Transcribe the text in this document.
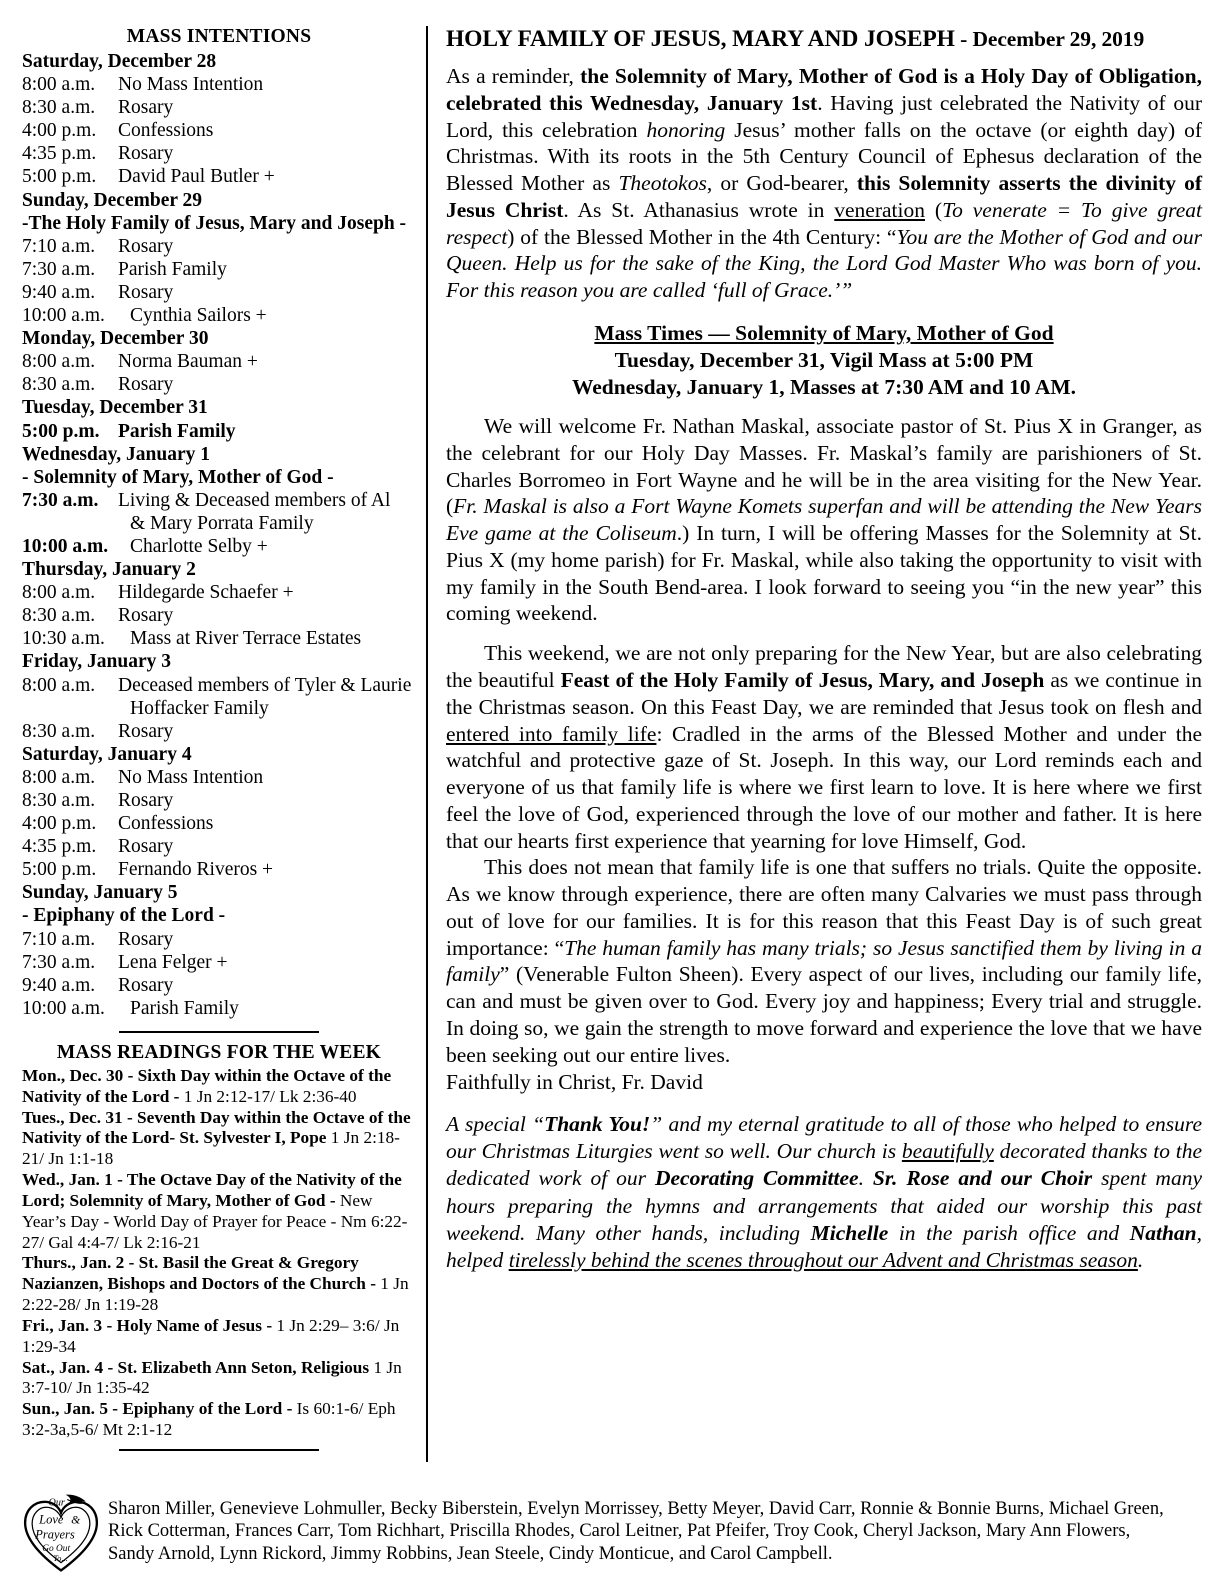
MASS INTENTIONS
Saturday, December 28
8:00 a.m.	No Mass Intention
8:30 a.m.	Rosary
4:00 p.m.	Confessions
4:35 p.m.	Rosary
5:00 p.m.	David Paul Butler +
Sunday, December 29
-The Holy Family of Jesus, Mary and Joseph -
7:10 a.m.	Rosary
7:30 a.m.	Parish Family
9:40 a.m.	Rosary
10:00 a.m.	Cynthia Sailors +
Monday, December 30
8:00 a.m.	Norma Bauman +
8:30 a.m.	Rosary
Tuesday, December 31
5:00 p.m. Parish Family
Wednesday, January 1
- Solemnity of Mary, Mother of God -
7:30 a.m.	Living & Deceased members of Al
& Mary Porrata Family
10:00 a.m.	Charlotte Selby +
Thursday, January 2
8:00 a.m.	Hildegarde Schaefer +
8:30 a.m.	Rosary
10:30 a.m.	Mass at River Terrace Estates
Friday, January 3
8:00 a.m.	Deceased members of Tyler & Laurie
Hoffacker Family
8:30 a.m.	Rosary
Saturday, January 4
8:00 a.m.	No Mass Intention
8:30 a.m.	Rosary
4:00 p.m.	Confessions
4:35 p.m.	Rosary
5:00 p.m.	Fernando Riveros +
Sunday, January 5
- Epiphany of the Lord -
7:10 a.m.	Rosary
7:30 a.m.	Lena Felger +
9:40 a.m.	Rosary
10:00 a.m.	Parish Family
MASS READINGS FOR THE WEEK

Mon., Dec. 30 - Sixth Day within the Octave of the Nativity of the Lord - 1 Jn 2:12-17/ Lk 2:36-40

Tues., Dec. 31 - Seventh Day within the Octave of the Nativity of the Lord- St. Sylvester I, Pope 1 Jn 2:18-21/ Jn 1:1-18

Wed., Jan. 1 - The Octave Day of the Nativity of the Lord; Solemnity of Mary, Mother of God - New Year’s Day - World Day of Prayer for Peace - Nm 6:22-27/ Gal 4:4-7/ Lk 2:16-21

Thurs., Jan. 2 - St. Basil the Great & Gregory Nazianzen, Bishops and Doctors of the Church - 1 Jn 2:22-28/ Jn 1:19-28

Fri., Jan. 3 - Holy Name of Jesus - 1 Jn 2:29– 3:6/ Jn 1:29-34

Sat., Jan. 4 - St. Elizabeth Ann Seton, Religious 1 Jn 3:7-10/ Jn 1:35-42

Sun., Jan. 5 - Epiphany of the Lord - Is 60:1-6/ Eph 3:2-3a,5-6/ Mt 2:1-12

HOLY FAMILY OF JESUS, MARY AND JOSEPH - December 29, 2019

As a reminder, the Solemnity of Mary, Mother of God is a Holy Day of Obligation, celebrated this Wednesday, January 1st. Having just celebrated the Nativity of our Lord, this celebration honoring Jesus’ mother falls on the octave (or eighth day) of Christmas. With its roots in the 5th Century Council of Ephesus declaration of the Blessed Mother as Theotokos, or God-bearer, this Solemnity asserts the divinity of Jesus Christ. As St. Athanasius wrote in veneration (To venerate = To give great respect) of the Blessed Mother in the 4th Century: “You are the Mother of God and our Queen. Help us for the sake of the King, the Lord God Master Who was born of you. For this reason you are called ‘full of Grace.’”

Mass Times — Solemnity of Mary, Mother of God
Tuesday, December 31, Vigil Mass at 5:00 PM
Wednesday, January 1, Masses at 7:30 AM and 10 AM.

We will welcome Fr. Nathan Maskal, associate pastor of St. Pius X in Granger, as the celebrant for our Holy Day Masses. Fr. Maskal’s family are parishioners of St. Charles Borromeo in Fort Wayne and he will be in the area visiting for the New Year. (Fr. Maskal is also a Fort Wayne Komets superfan and will be attending the New Years Eve game at the Coliseum.) In turn, I will be offering Masses for the Solemnity at St. Pius X (my home parish) for Fr. Maskal, while also taking the opportunity to visit with my family in the South Bend-area. I look forward to seeing you “in the new year” this coming weekend.

This weekend, we are not only preparing for the New Year, but are also celebrating the beautiful Feast of the Holy Family of Jesus, Mary, and Joseph as we continue in the Christmas season. On this Feast Day, we are reminded that Jesus took on flesh and entered into family life: Cradled in the arms of the Blessed Mother and under the watchful and protective gaze of St. Joseph. In this way, our Lord reminds each and everyone of us that family life is where we first learn to love. It is here where we first feel the love of God, experienced through the love of our mother and father. It is here that our hearts first experience that yearning for love Himself, God.

This does not mean that family life is one that suffers no trials. Quite the opposite. As we know through experience, there are often many Calvaries we must pass through out of love for our families. It is for this reason that this Feast Day is of such great importance: “The human family has many trials; so Jesus sanctified them by living in a family” (Venerable Fulton Sheen). Every aspect of our lives, including our family life, can and must be given over to God. Every joy and happiness; Every trial and struggle. In doing so, we gain the strength to move forward and experience the love that we have been seeking out our entire lives.

Faithfully in Christ, Fr. David

A special “Thank You!” and my eternal gratitude to all of those who helped to ensure our Christmas Liturgies went so well. Our church is beautifully decorated thanks to the dedicated work of our Decorating Committee. Sr. Rose and our Choir spent many hours preparing the hymns and arrangements that aided our worship this past weekend. Many other hands, including Michelle in the parish office and Nathan, helped tirelessly behind the scenes throughout our Advent and Christmas season.

Our
Love &
Prayers
Go Out
To...
Sharon Miller, Genevieve Lohmuller, Becky Biberstein, Evelyn Morrissey, Betty Meyer, David Carr, Ronnie & Bonnie Burns, Michael Green,
Rick Cotterman, Frances Carr, Tom Richhart, Priscilla Rhodes, Carol Leitner, Pat Pfeifer, Troy Cook, Cheryl Jackson, Mary Ann Flowers,
Sandy Arnold, Lynn Rickord, Jimmy Robbins, Jean Steele, Cindy Monticue, and Carol Campbell.
